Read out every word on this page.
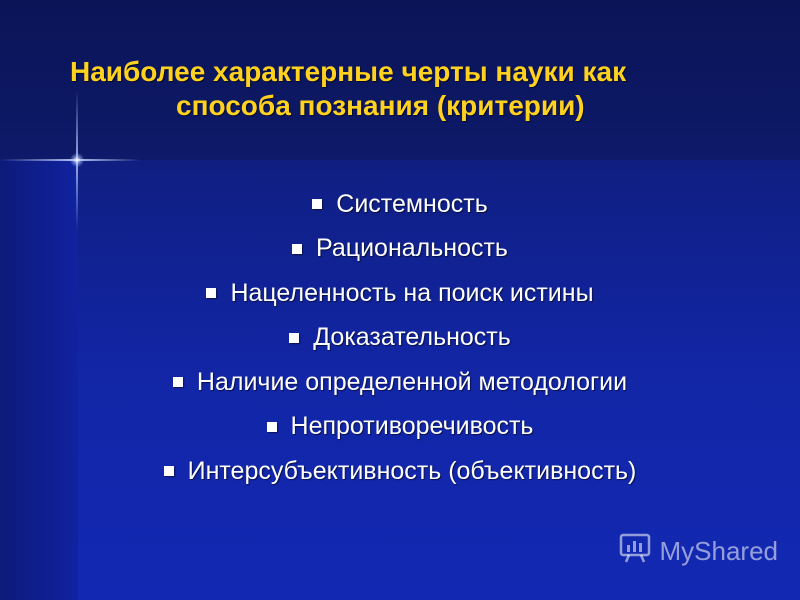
Наиболее характерные черты науки как
способа познания (критерии)
Системность
Рациональность
Нацеленность на поиск истины
Доказательность
Наличие определенной методологии
Непротиворечивость
Интерсубъективность (объективность)
MyShared
